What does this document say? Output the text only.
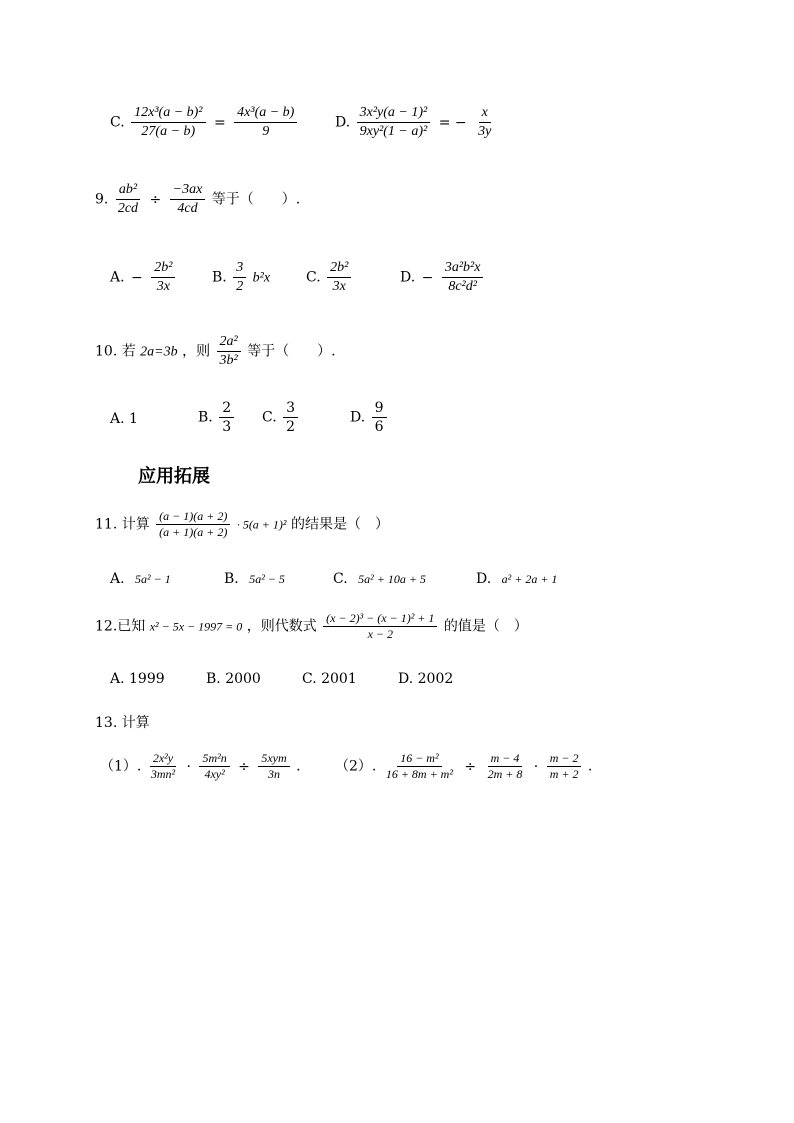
C. $\frac{\text{12x³(a − b)²}}{27(a - b)} = \frac{\text{4x³(a − b)}}{9}$	D. $\frac{\text{3x²y(a − 1)²}}{\text{9xy²(1 − a)²}}$ = − $\frac{x}{3y}$
9. $\frac{\text{ab²}}{2cd} \div \frac{-3ax}{4cd}$ 等于（　　）.
A. − $\frac{\text{2b²}}{3x}$	B. $\frac{3}{2} b^2x$	C. $\frac{\text{2b²}}{3x}$	D. − $\frac{\text{3a²b²x}}{\text{8c²d²}}$
10. 若 2a=3b ，则 $\frac{\text{2a²}}{\text{3b²}}$ 等于（　　）.
A. 1	B. $\frac{2}{3} C$. $\frac{3}{2}$	D. $\frac{9}{6}$
应用拓展
11. 计算 $\frac{(a - 1)(a + 2)}{(a + 1)(a + 2)} \cdot 5(a + 1)^2$ 的结果是（　）
A. 5a² − 1	B. 5a² − 5	C. 5a² + 10a + 5	D. a² + 2a + 1
12.已知 x² − 5x − 1997 = 0 ，则代数式 $\frac{\text{(x − 2)³ − (x − 1)² + 1}}{x - 2}$ 的值是（　）
A. 1999	B. 2000	C. 2001	D. 2002
13. 计算
（1）. $\frac{\text{2x²y}}{\text{3mn²}} \cdot \frac{\text{5m²n}}{\text{4xy²}} \div \frac{\text{5xym}}{3n}$ . （2）. $\frac{\text{16 − m²}}{\text{16 + 8m + m²}} \div \frac{m - 4}{2m + 8} \cdot \frac{m - 2}{m + 2}$ .
